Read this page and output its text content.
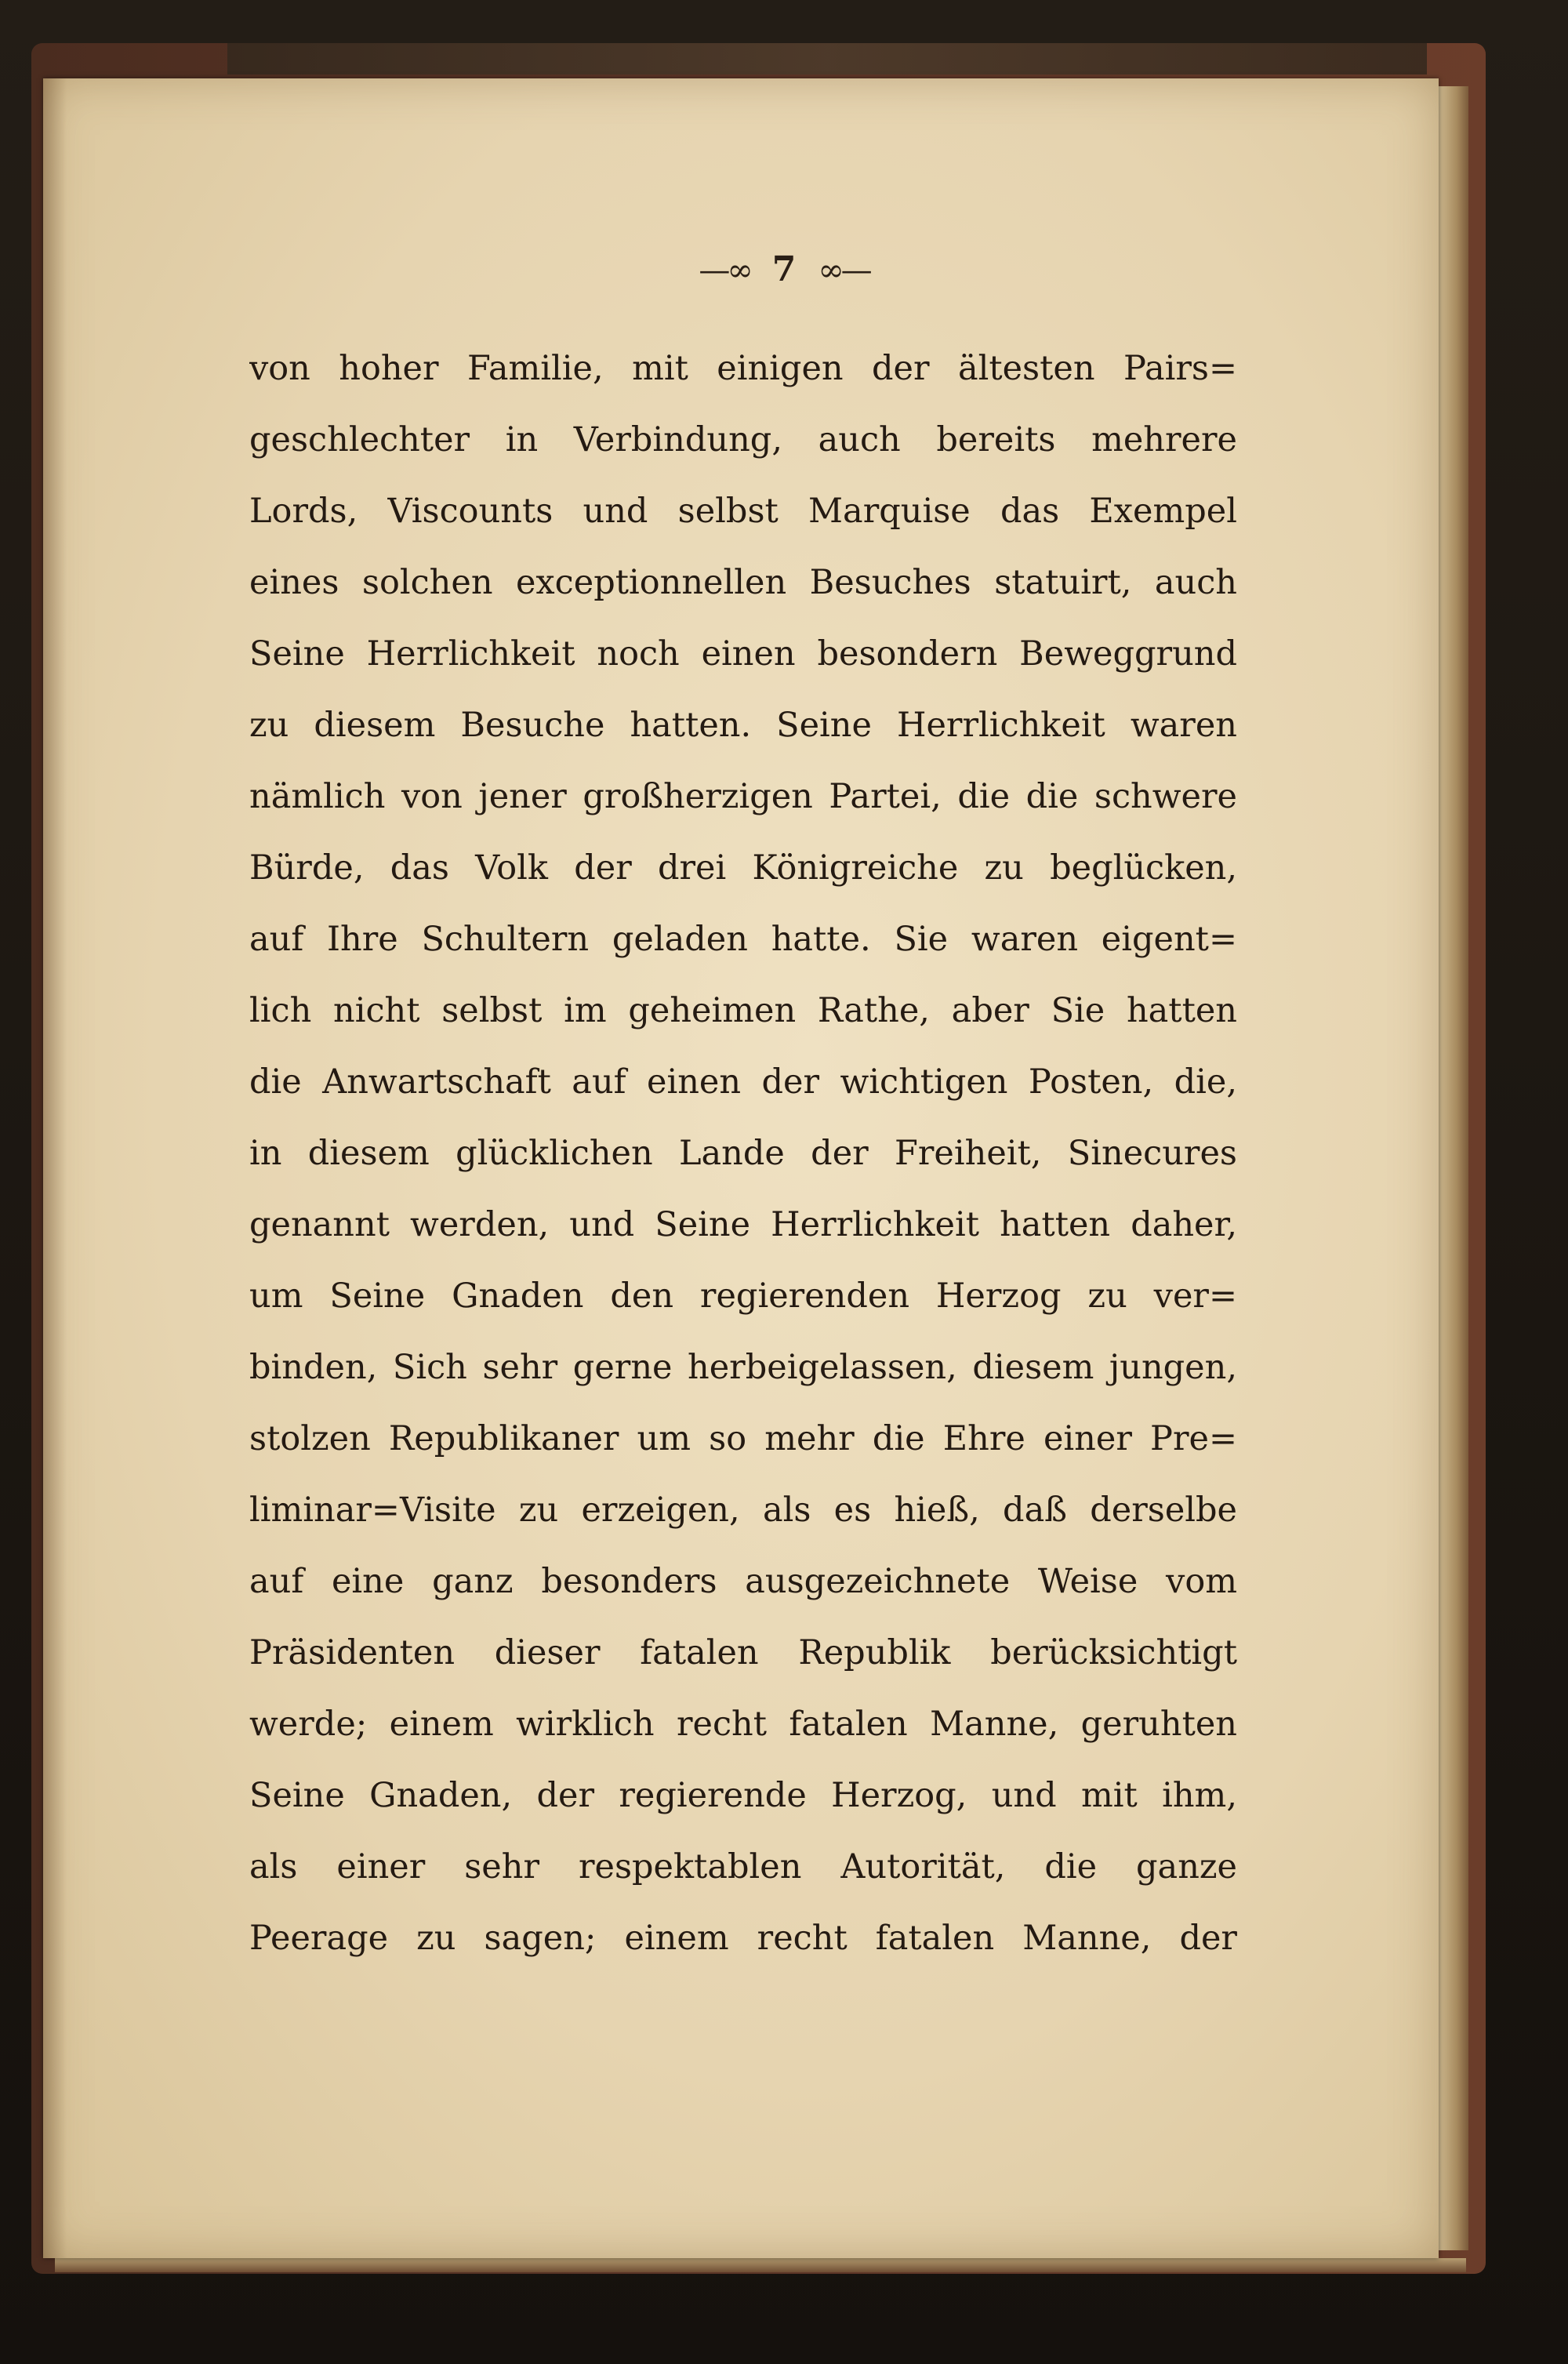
—∞ 7 ∞—
von hoher Familie, mit einigen der ältesten Pairs=
geschlechter in Verbindung, auch bereits mehrere
Lords, Viscounts und selbst Marquise das Exempel
eines solchen exceptionnellen Besuches statuirt, auch
Seine Herrlichkeit noch einen besondern Beweggrund
zu diesem Besuche hatten. Seine Herrlichkeit waren
nämlich von jener großherzigen Partei, die die schwere
Bürde, das Volk der drei Königreiche zu beglücken,
auf Ihre Schultern geladen hatte. Sie waren eigent=
lich nicht selbst im geheimen Rathe, aber Sie hatten
die Anwartschaft auf einen der wichtigen Posten, die,
in diesem glücklichen Lande der Freiheit, Sinecures
genannt werden, und Seine Herrlichkeit hatten daher,
um Seine Gnaden den regierenden Herzog zu ver=
binden, Sich sehr gerne herbeigelassen, diesem jungen,
stolzen Republikaner um so mehr die Ehre einer Pre=
liminar=Visite zu erzeigen, als es hieß, daß derselbe
auf eine ganz besonders ausgezeichnete Weise vom
Präsidenten dieser fatalen Republik berücksichtigt
werde; einem wirklich recht fatalen Manne, geruhten
Seine Gnaden, der regierende Herzog, und mit ihm,
als einer sehr respektablen Autorität, die ganze
Peerage zu sagen; einem recht fatalen Manne, der
